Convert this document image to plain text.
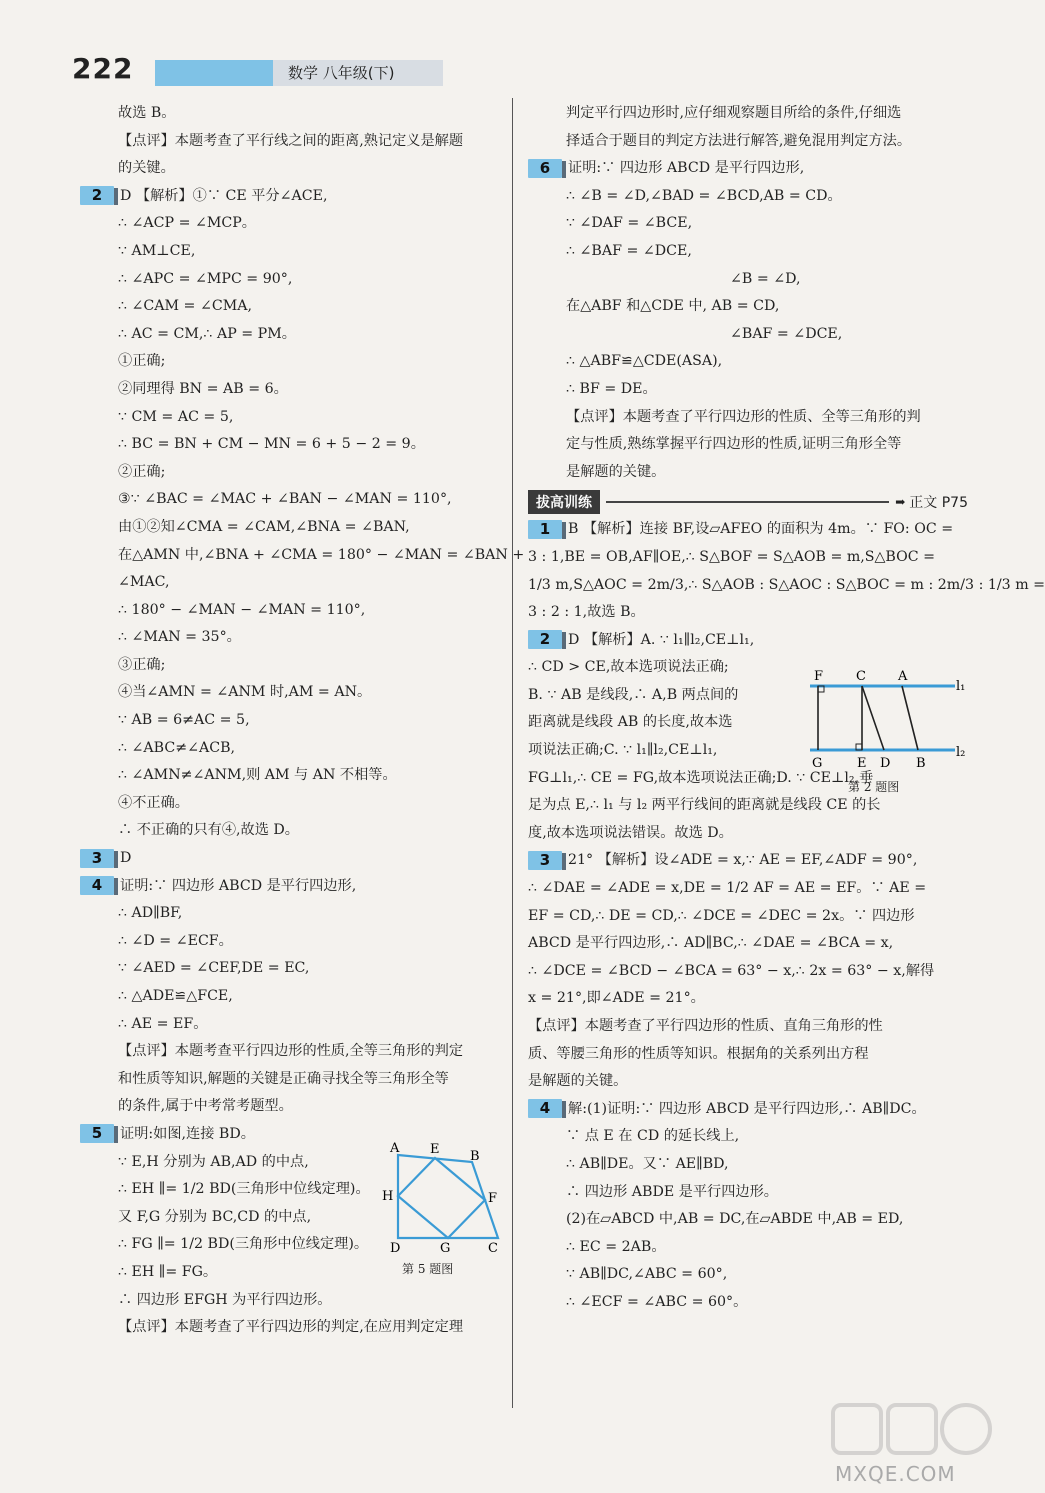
222	数学 八年级(下)
故选 B。
【点评】本题考查了平行线之间的距离,熟记定义是解题
的关键。
2 D 【解析】①∵ CE 平分∠ACE,
∴ ∠ACP = ∠MCP。
∵ AM⊥CE,
∴ ∠APC = ∠MPC = 90°,
∴ ∠CAM = ∠CMA,
∴ AC = CM,∴ AP = PM。
①正确;
②同理得 BN = AB = 6。
∵ CM = AC = 5,
∴ BC = BN + CM − MN = 6 + 5 − 2 = 9。
②正确;
③∵ ∠BAC = ∠MAC + ∠BAN − ∠MAN = 110°,
由①②知∠CMA = ∠CAM,∠BNA = ∠BAN,
在△AMN 中,∠BNA + ∠CMA = 180° − ∠MAN = ∠BAN +
∠MAC,
∴ 180° − ∠MAN − ∠MAN = 110°,
∴ ∠MAN = 35°。
③正确;
④当∠AMN = ∠ANM 时,AM = AN。
∵ AB = 6≠AC = 5,
∴ ∠ABC≠∠ACB,
∴ ∠AMN≠∠ANM,则 AM 与 AN 不相等。
④不正确。
∴ 不正确的只有④,故选 D。
3 D
4 证明:∵ 四边形 ABCD 是平行四边形,
∴ AD∥BF,
∴ ∠D = ∠ECF。
∵ ∠AED = ∠CEF,DE = EC,
∴ △ADE≌△FCE,
∴ AE = EF。
【点评】本题考查平行四边形的性质,全等三角形的判定
和性质等知识,解题的关键是正确寻找全等三角形全等
的条件,属于中考常考题型。
5 证明:如图,连接 BD。
∵ E,H 分别为 AB,AD 的中点,
∴ EH ∥= 1/2 BD(三角形中位线定理)。
又 F,G 分别为 BC,CD 的中点,
∴ FG ∥= 1/2 BD(三角形中位线定理)。
∴ EH ∥= FG。
∴ 四边形 EFGH 为平行四边形。
【点评】本题考查了平行四边形的判定,在应用判定定理
A E B
H	F
D	G	C
第 5 题图
判定平行四边形时,应仔细观察题目所给的条件,仔细选
择适合于题目的判定方法进行解答,避免混用判定方法。
6 证明:∵ 四边形 ABCD 是平行四边形,
∴ ∠B = ∠D,∠BAD = ∠BCD,AB = CD。
∵ ∠DAF = ∠BCE,
∴ ∠BAF = ∠DCE,
∠B = ∠D,
在△ABF 和△CDE 中, AB = CD,
∠BAF = ∠DCE,
∴ △ABF≌△CDE(ASA),
∴ BF = DE。
【点评】本题考查了平行四边形的性质、全等三角形的判
定与性质,熟练掌握平行四边形的性质,证明三角形全等
是解题的关键。
拔高训练	➡ 正文 P75
1 B 【解析】连接 BF,设▱AFEO 的面积为 4m。∵ FO: OC =
3 : 1,BE = OB,AF∥OE,∴ S△BOF = S△AOB = m,S△BOC =
1/3 m,S△AOC = 2m/3,∴ S△AOB : S△AOC : S△BOC = m : 2m/3 : 1/3 m =
3 : 2 : 1,故选 B。
2 D 【解析】A. ∵ l₁∥l₂,CE⊥l₁,
∴ CD > CE,故本选项说法正确;
B. ∵ AB 是线段,∴ A,B 两点间的
距离就是线段 AB 的长度,故本选
项说法正确;C. ∵ l₁∥l₂,CE⊥l₁,
FG⊥l₁,∴ CE = FG,故本选项说法正确;D. ∵ CE⊥l₂,垂
足为点 E,∴ l₁ 与 l₂ 两平行线间的距离就是线段 CE 的长
度,故本选项说法错误。故选 D。
3 21° 【解析】设∠ADE = x,∵ AE = EF,∠ADF = 90°,
∴ ∠DAE = ∠ADE = x,DE = 1/2 AF = AE = EF。∵ AE =
EF = CD,∴ DE = CD,∴ ∠DCE = ∠DEC = 2x。∵ 四边形
ABCD 是平行四边形,∴ AD∥BC,∴ ∠DAE = ∠BCA = x,
∴ ∠DCE = ∠BCD − ∠BCA = 63° − x,∴ 2x = 63° − x,解得
x = 21°,即∠ADE = 21°。
【点评】本题考查了平行四边形的性质、直角三角形的性
质、等腰三角形的性质等知识。根据角的关系列出方程
是解题的关键。
4 解:(1)证明:∵ 四边形 ABCD 是平行四边形,∴ AB∥DC。
∵ 点 E 在 CD 的延长线上,
∴ AB∥DE。又∵ AE∥BD,
∴ 四边形 ABDE 是平行四边形。
(2)在▱ABCD 中,AB = DC,在▱ABDE 中,AB = ED,
∴ EC = 2AB。
∵ AB∥DC,∠ABC = 60°,
∴ ∠ECF = ∠ABC = 60°。
F	C A
l₁
G	E D B
l₂
第 2 题图
MXQE.COM
